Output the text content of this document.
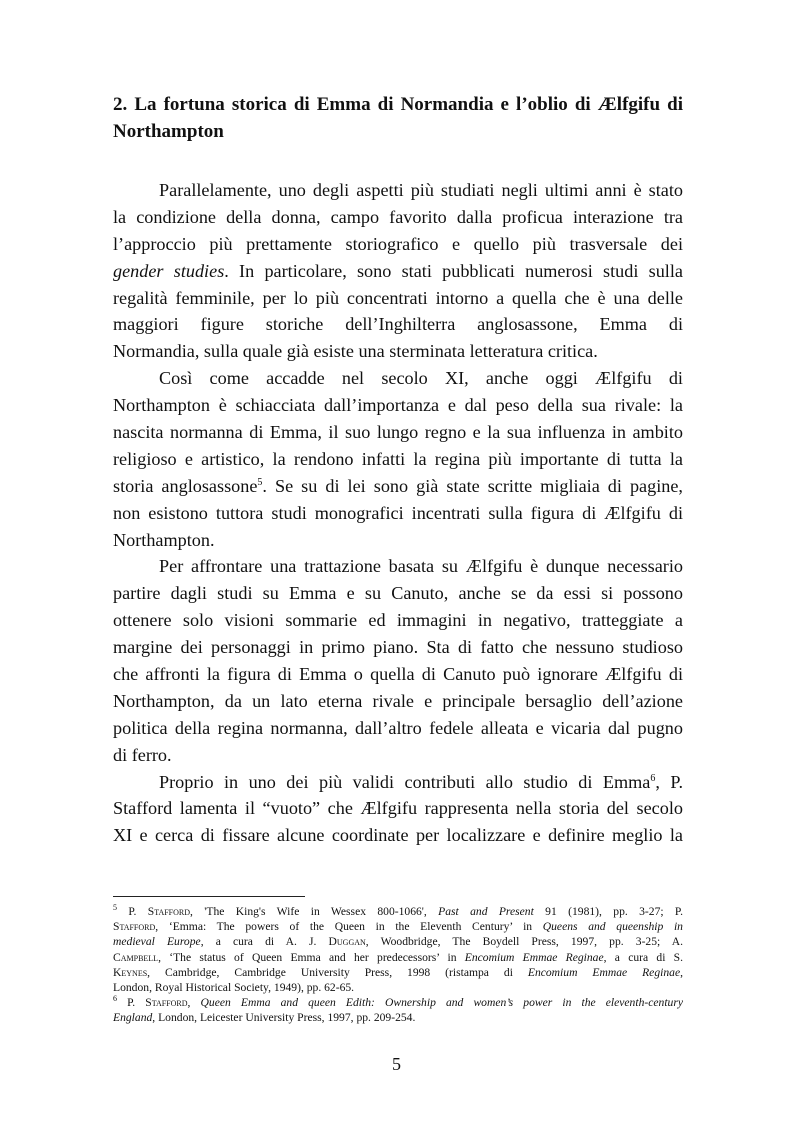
2. La fortuna storica di Emma di Normandia e l’oblio di Ælfgifu di
Northampton
Parallelamente, uno degli aspetti più studiati negli ultimi anni è stato
la condizione della donna, campo favorito dalla proficua interazione tra
l’approccio più prettamente storiografico e quello più trasversale dei
gender studies. In particolare, sono stati pubblicati numerosi studi sulla
regalità femminile, per lo più concentrati intorno a quella che è una delle
maggiori figure storiche dell’Inghilterra anglosassone, Emma di
Normandia, sulla quale già esiste una sterminata letteratura critica.
Così come accadde nel secolo XI, anche oggi Ælfgifu di
Northampton è schiacciata dall’importanza e dal peso della sua rivale: la
nascita normanna di Emma, il suo lungo regno e la sua influenza in ambito
religioso e artistico, la rendono infatti la regina più importante di tutta la
storia anglosassone$^5$. Se su di lei sono già state scritte migliaia di pagine,
non esistono tuttora studi monografici incentrati sulla figura di Ælfgifu di
Northampton.
Per affrontare una trattazione basata su Ælfgifu è dunque necessario
partire dagli studi su Emma e su Canuto, anche se da essi si possono
ottenere solo visioni sommarie ed immagini in negativo, tratteggiate a
margine dei personaggi in primo piano. Sta di fatto che nessuno studioso
che affronti la figura di Emma o quella di Canuto può ignorare Ælfgifu di
Northampton, da un lato eterna rivale e principale bersaglio dell’azione
politica della regina normanna, dall’altro fedele alleata e vicaria dal pugno
di ferro.
Proprio in uno dei più validi contributi allo studio di Emma$^6$, P.
Stafford lamenta il “vuoto” che Ælfgifu rappresenta nella storia del secolo
XI e cerca di fissare alcune coordinate per localizzare e definire meglio la
$^5$ P. Stafford, 'The King's Wife in Wessex 800-1066', Past and Present 91 (1981), pp. 3-27; P.
Stafford, ‘Emma: The powers of the Queen in the Eleventh Century’ in Queens and queenship in
medieval Europe, a cura di A. J. Duggan, Woodbridge, The Boydell Press, 1997, pp. 3-25; A.
Campbell, ‘The status of Queen Emma and her predecessors’ in Encomium Emmae Reginae, a cura di S.
Keynes, Cambridge, Cambridge University Press, 1998 (ristampa di Encomium Emmae Reginae,
London, Royal Historical Society, 1949), pp. 62-65.
$^6$ P. Stafford, Queen Emma and queen Edith: Ownership and women’s power in the eleventh-century
England, London, Leicester University Press, 1997, pp. 209-254.
5
